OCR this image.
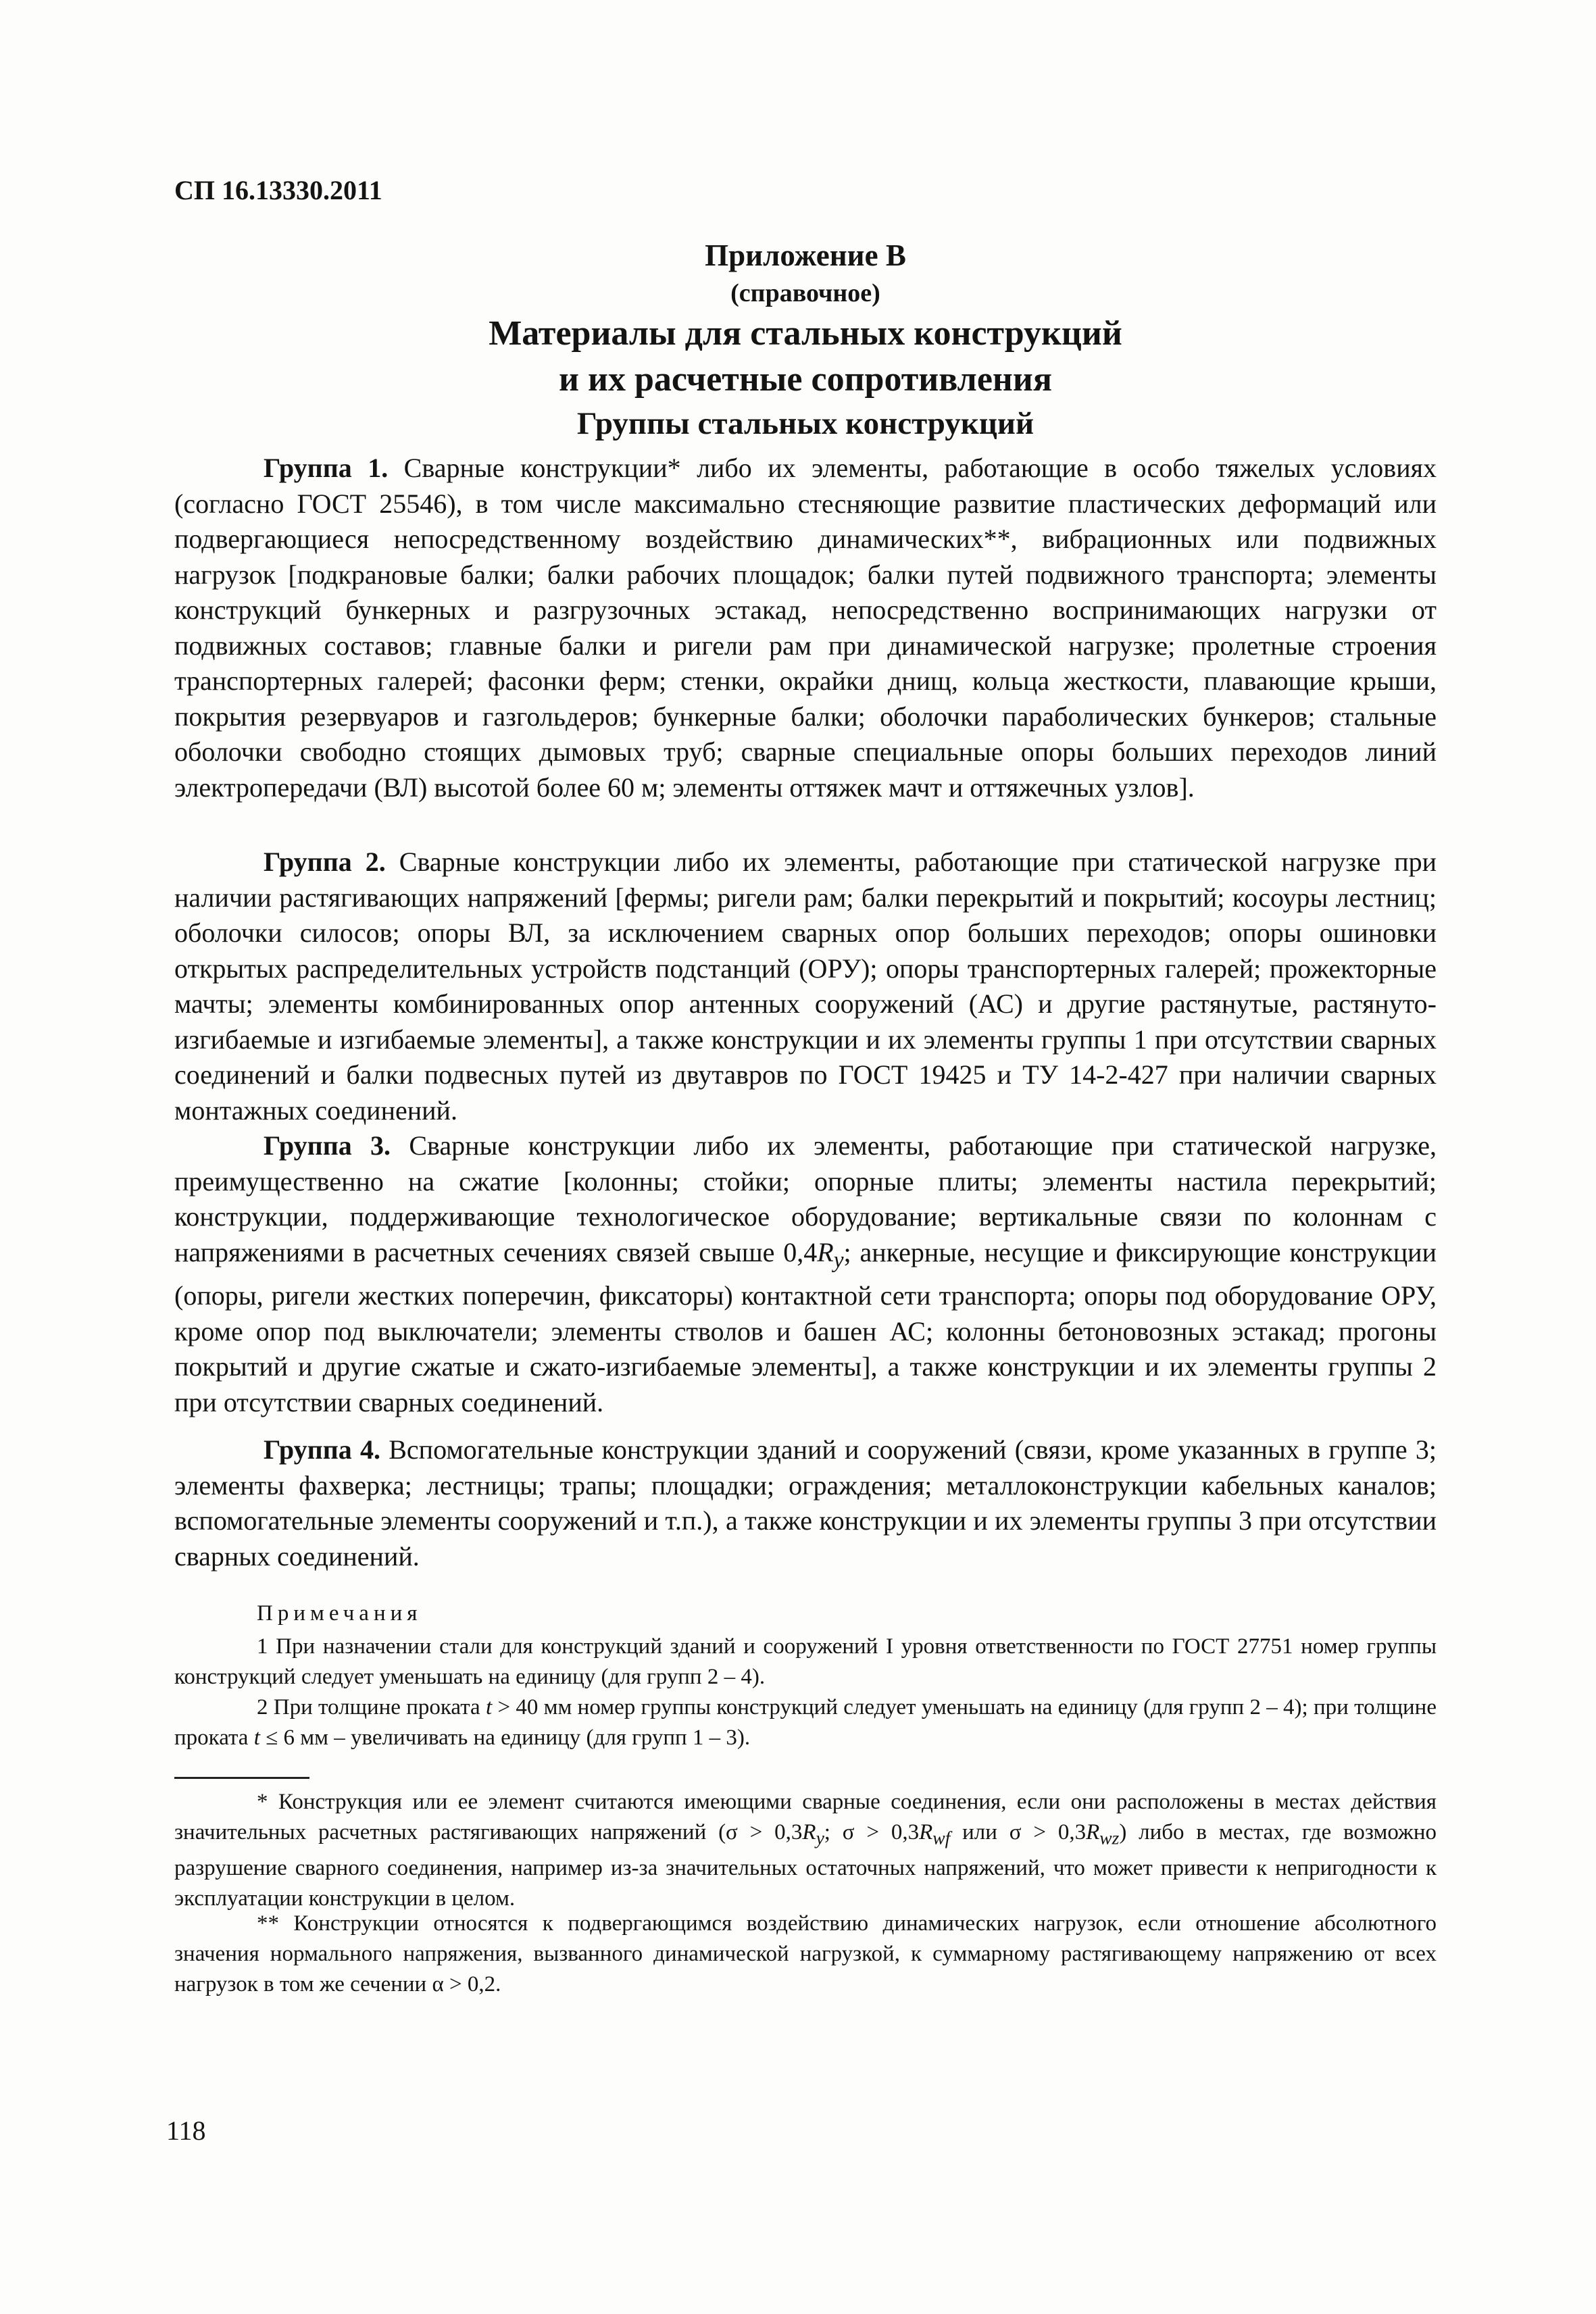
СП 16.13330.2011

Приложение В

(справочное)

Материалы для стальных конструкций
и их расчетные сопротивления

Группы стальных конструкций

Группа 1. Сварные конструкции* либо их элементы, работающие в особо тяжелых условиях (согласно ГОСТ 25546), в том числе максимально стесняющие развитие пластических деформаций или подвергающиеся непосредственному воздействию динамических**, вибрационных или подвижных нагрузок [подкрановые балки; балки рабочих площадок; балки путей подвижного транспорта; элементы конструкций бункерных и разгрузочных эстакад, непосредственно воспринимающих нагрузки от подвижных составов; главные балки и ригели рам при динамической нагрузке; пролетные строения транспортерных галерей; фасонки ферм; стенки, окрайки днищ, кольца жесткости, плавающие крыши, покрытия резервуаров и газгольдеров; бункерные балки; оболочки параболических бункеров; стальные оболочки свободно стоящих дымовых труб; сварные специальные опоры больших переходов линий электропередачи (ВЛ) высотой более 60 м; элементы оттяжек мачт и оттяжечных узлов].

Группа 2. Сварные конструкции либо их элементы, работающие при статической нагрузке при наличии растягивающих напряжений [фермы; ригели рам; балки перекрытий и покрытий; косоуры лестниц; оболочки силосов; опоры ВЛ, за исключением сварных опор больших переходов; опоры ошиновки открытых распределительных устройств подстанций (ОРУ); опоры транспортерных галерей; прожекторные мачты; элементы комбинированных опор антенных сооружений (АС) и другие растянутые, растянуто-изгибаемые и изгибаемые элементы], а также конструкции и их элементы группы 1 при отсутствии сварных соединений и балки подвесных путей из двутавров по ГОСТ 19425 и ТУ 14-2-427 при наличии сварных монтажных соединений.

Группа 3. Сварные конструкции либо их элементы, работающие при статической нагрузке, преимущественно на сжатие [колонны; стойки; опорные плиты; элементы настила перекрытий; конструкции, поддерживающие технологическое оборудование; вертикальные связи по колоннам с напряжениями в расчетных сечениях связей свыше $0,4R_y$; анкерные, несущие и фиксирующие конструкции (опоры, ригели жестких поперечин, фиксаторы) контактной сети транспорта; опоры под оборудование ОРУ, кроме опор под выключатели; элементы стволов и башен АС; колонны бетоновозных эстакад; прогоны покрытий и другие сжатые и сжато-изгибаемые элементы], а также конструкции и их элементы группы 2 при отсутствии сварных соединений.

Группа 4. Вспомогательные конструкции зданий и сооружений (связи, кроме указанных в группе 3; элементы фахверка; лестницы; трапы; площадки; ограждения; металлоконструкции кабельных каналов; вспомогательные элементы сооружений и т.п.), а также конструкции и их элементы группы 3 при отсутствии сварных соединений.

Примечания

1 При назначении стали для конструкций зданий и сооружений I уровня ответственности по ГОСТ 27751 номер группы конструкций следует уменьшать на единицу (для групп 2 – 4).

2 При толщине проката t > 40 мм номер группы конструкций следует уменьшать на единицу (для групп 2 – 4); при толщине проката t ≤ 6 мм – увеличивать на единицу (для групп 1 – 3).

* Конструкция или ее элемент считаются имеющими сварные соединения, если они расположены в местах действия значительных расчетных растягивающих напряжений ($\sigma > 0,3R_y$; $\sigma > 0,3R_{wf}$ или $\sigma > 0,3R_{wz}$) либо в местах, где возможно разрушение сварного соединения, например из-за значительных остаточных напряжений, что может привести к непригодности к эксплуатации конструкции в целом.

** Конструкции относятся к подвергающимся воздействию динамических нагрузок, если отношение абсолютного значения нормального напряжения, вызванного динамической нагрузкой, к суммарному растягивающему напряжению от всех нагрузок в том же сечении α > 0,2.

118
